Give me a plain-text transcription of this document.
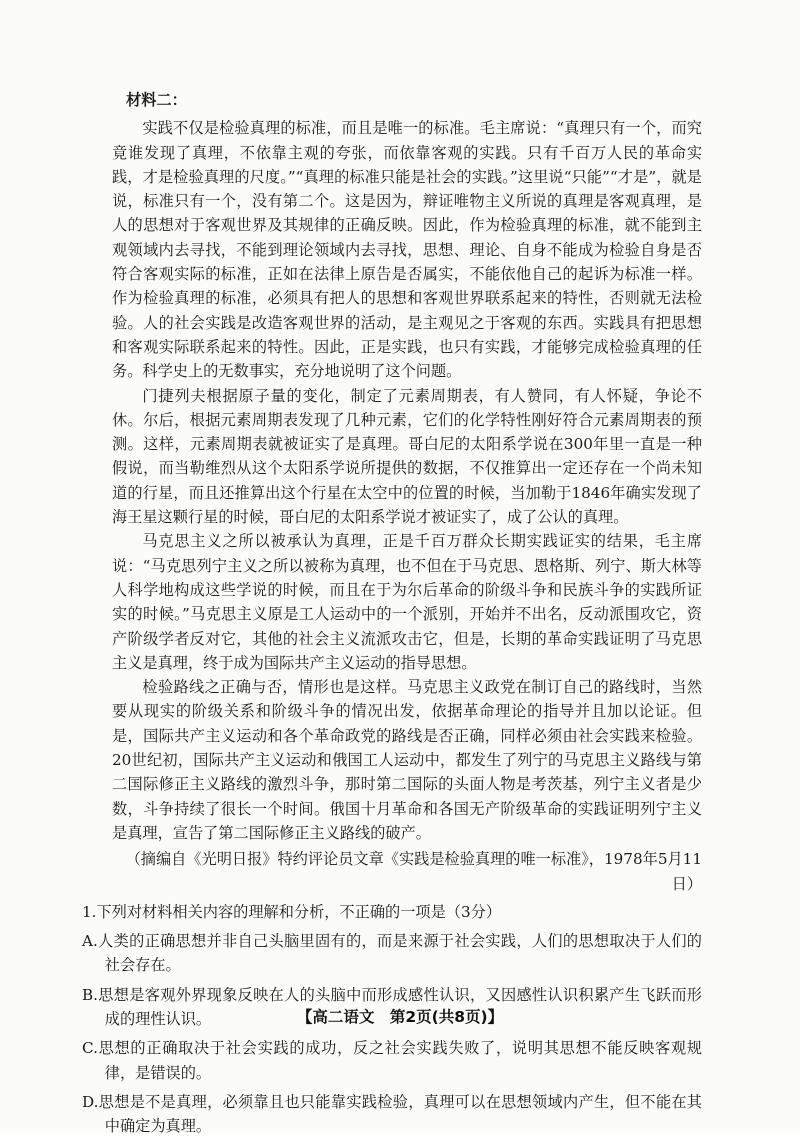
材料二：

实践不仅是检验真理的标准，而且是唯一的标准。毛主席说：“真理只有一个，而究竟谁发现了真理，不依靠主观的夸张，而依靠客观的实践。只有千百万人民的革命实践，才是检验真理的尺度。”“真理的标准只能是社会的实践。”这里说“只能”“才是”，就是说，标准只有一个，没有第二个。这是因为，辩证唯物主义所说的真理是客观真理，是人的思想对于客观世界及其规律的正确反映。因此，作为检验真理的标准，就不能到主观领域内去寻找，不能到理论领域内去寻找，思想、理论、自身不能成为检验自身是否符合客观实际的标准，正如在法律上原告是否属实，不能依他自己的起诉为标准一样。作为检验真理的标准，必须具有把人的思想和客观世界联系起来的特性，否则就无法检验。人的社会实践是改造客观世界的活动，是主观见之于客观的东西。实践具有把思想和客观实际联系起来的特性。因此，正是实践，也只有实践，才能够完成检验真理的任务。科学史上的无数事实，充分地说明了这个问题。

门捷列夫根据原子量的变化，制定了元素周期表，有人赞同，有人怀疑，争论不休。尔后，根据元素周期表发现了几种元素，它们的化学特性刚好符合元素周期表的预测。这样，元素周期表就被证实了是真理。哥白尼的太阳系学说在300年里一直是一种假说，而当勒维烈从这个太阳系学说所提供的数据，不仅推算出一定还存在一个尚未知道的行星，而且还推算出这个行星在太空中的位置的时候，当加勒于1846年确实发现了海王星这颗行星的时候，哥白尼的太阳系学说才被证实了，成了公认的真理。

马克思主义之所以被承认为真理，正是千百万群众长期实践证实的结果，毛主席说：“马克思列宁主义之所以被称为真理，也不但在于马克思、恩格斯、列宁、斯大林等人科学地构成这些学说的时候，而且在于为尔后革命的阶级斗争和民族斗争的实践所证实的时候。”马克思主义原是工人运动中的一个派别，开始并不出名，反动派围攻它，资产阶级学者反对它，其他的社会主义流派攻击它，但是，长期的革命实践证明了马克思主义是真理，终于成为国际共产主义运动的指导思想。

检验路线之正确与否，情形也是这样。马克思主义政党在制订自己的路线时，当然要从现实的阶级关系和阶级斗争的情况出发，依据革命理论的指导并且加以论证。但是，国际共产主义运动和各个革命政党的路线是否正确，同样必须由社会实践来检验。20世纪初，国际共产主义运动和俄国工人运动中，都发生了列宁的马克思主义路线与第二国际修正主义路线的激烈斗争，那时第二国际的头面人物是考茨基，列宁主义者是少数，斗争持续了很长一个时间。俄国十月革命和各国无产阶级革命的实践证明列宁主义是真理，宣告了第二国际修正主义路线的破产。

（摘编自《光明日报》特约评论员文章《实践是检验真理的唯一标准》，1978年5月11日）

1.下列对材料相关内容的理解和分析，不正确的一项是（3分）
A.人类的正确思想并非自己头脑里固有的，而是来源于社会实践，人们的思想取决于人们的社会存在。
B.思想是客观外界现象反映在人的头脑中而形成感性认识，又因感性认识积累产生飞跃而形成的理性认识。
C.思想的正确取决于社会实践的成功，反之社会实践失败了，说明其思想不能反映客观规律，是错误的。
D.思想是不是真理，必须靠且也只能靠实践检验，真理可以在思想领域内产生，但不能在其中确定为真理。
【高二语文　第2页(共8页)】
